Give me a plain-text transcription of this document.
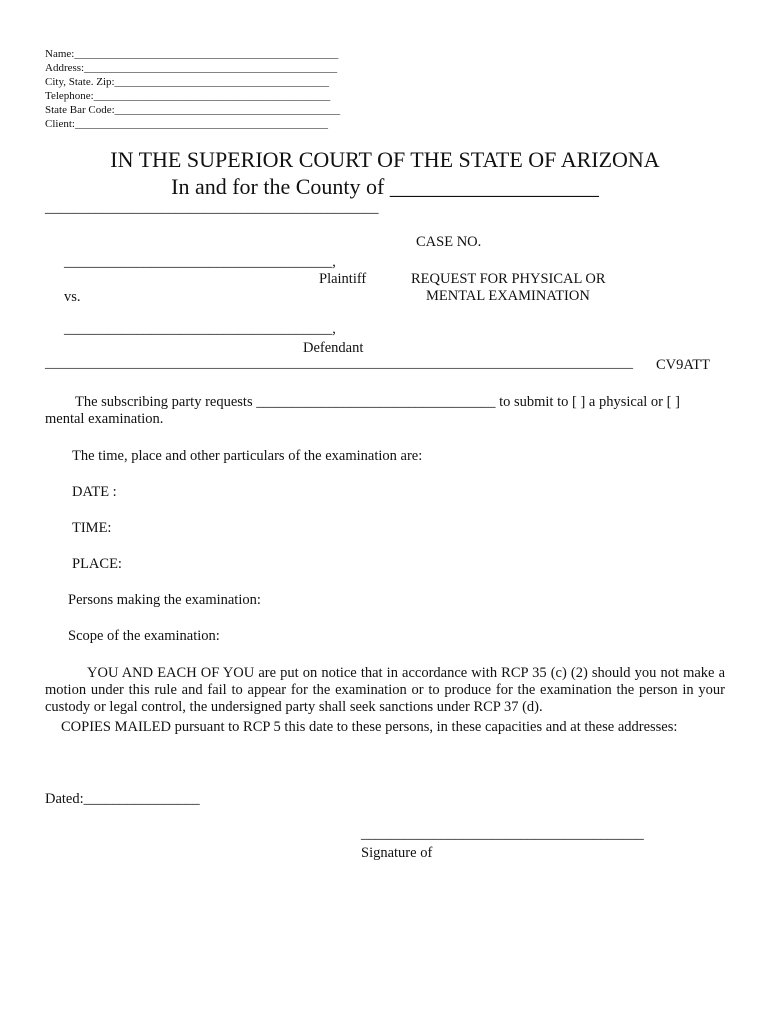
Name:________________________________________________
Address:______________________________________________
City, State. Zip:_______________________________________
Telephone:___________________________________________
State Bar Code:_________________________________________
Client:______________________________________________
IN THE SUPERIOR COURT OF THE STATE OF ARIZONA
In and for the County of ___________________
______________________________________________
CASE NO.
_____________________________________,
Plaintiff
vs.
REQUEST FOR PHYSICAL OR
MENTAL EXAMINATION
_____________________________________,
Defendant
____________________________________________________________________________________ CV9ATT
The subscribing party requests _________________________________ to submit to [ ] a physical or [ ]
mental examination.
The time, place and other particulars of the examination are:
DATE :
TIME:
PLACE:
Persons making the examination:
Scope of the examination:
YOU AND EACH OF YOU are put on notice that in accordance with RCP 35 (c) (2) should you not make a motion under this rule and fail to appear for the examination or to produce for the examination the person in your custody or legal control, the undersigned party shall seek sanctions under RCP 37 (d).
COPIES MAILED pursuant to RCP 5 this date to these persons, in these capacities and at these addresses:
Dated:________________
_______________________________________
Signature of
